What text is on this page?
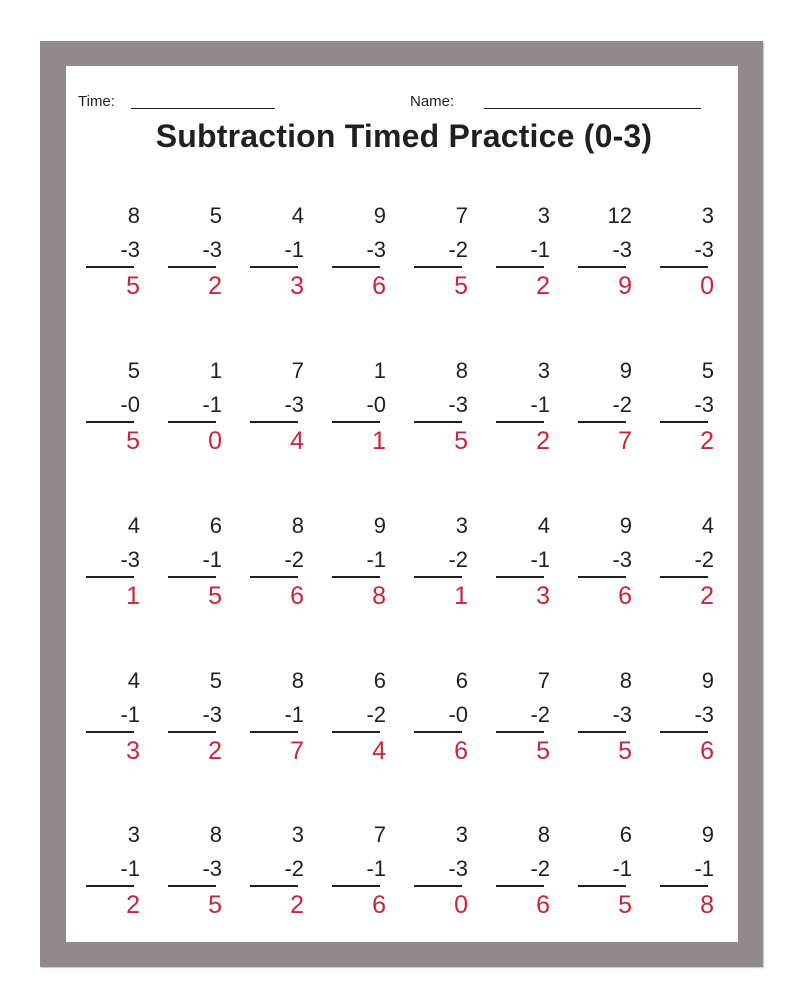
Time:	Name:
Subtraction Timed Practice (0-3)
8
-3
5
5
-3
2
4
-1
3
9
-3
6
7
-2
5
3
-1
2
12
-3
9
3
-3
0
5
-0
5
1
-1
0
7
-3
4
1
-0
1
8
-3
5
3
-1
2
9
-2
7
5
-3
2
4
-3
1
6
-1
5
8
-2
6
9
-1
8
3
-2
1
4
-1
3
9
-3
6
4
-2
2
4
-1
3
5
-3
2
8
-1
7
6
-2
4
6
-0
6
7
-2
5
8
-3
5
9
-3
6
3
-1
2
8
-3
5
3
-2
2
7
-1
6
3
-3
0
8
-2
6
6
-1
5
9
-1
8
